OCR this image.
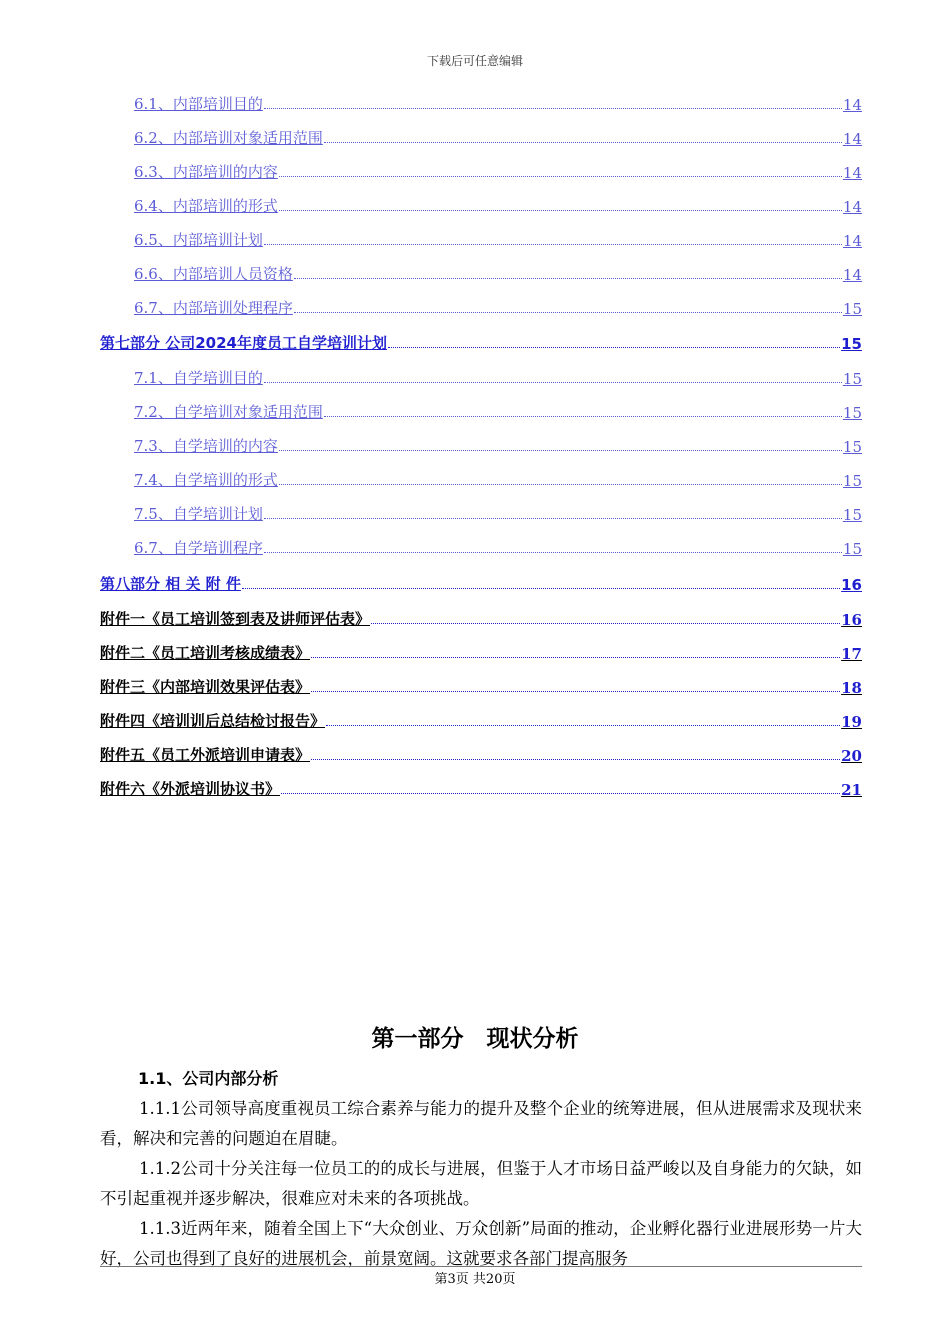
下载后可任意编辑
6.1、内部培训目的	14
6.2、内部培训对象适用范围	14
6.3、内部培训的内容	14
6.4、内部培训的形式	14
6.5、内部培训计划	14
6.6、内部培训人员资格	14
6.7、内部培训处理程序	15
第七部分 公司2024年度员工自学培训计划	15
7.1、自学培训目的	15
7.2、自学培训对象适用范围	15
7.3、自学培训的内容	15
7.4、自学培训的形式	15
7.5、自学培训计划	15
6.7、自学培训程序	15
第八部分 相 关 附 件	16
附件一《员工培训签到表及讲师评估表》	16
附件二《员工培训考核成绩表》	17
附件三《内部培训效果评估表》	18
附件四《培训训后总结检讨报告》	19
附件五《员工外派培训申请表》	20
附件六《外派培训协议书》	21
第一部分　现状分析
1.1、公司内部分析

1.1.1公司领导高度重视员工综合素养与能力的提升及整个企业的统筹进展，但从进展需求及现状来看，解决和完善的问题迫在眉睫。

1.1.2公司十分关注每一位员工的的成长与进展，但鉴于人才市场日益严峻以及自身能力的欠缺，如不引起重视并逐步解决，很难应对未来的各项挑战。

1.1.3近两年来，随着全国上下“大众创业、万众创新”局面的推动，企业孵化器行业进展形势一片大好，公司也得到了良好的进展机会，前景宽阔。这就要求各部门提高服务

第3页 共20页
